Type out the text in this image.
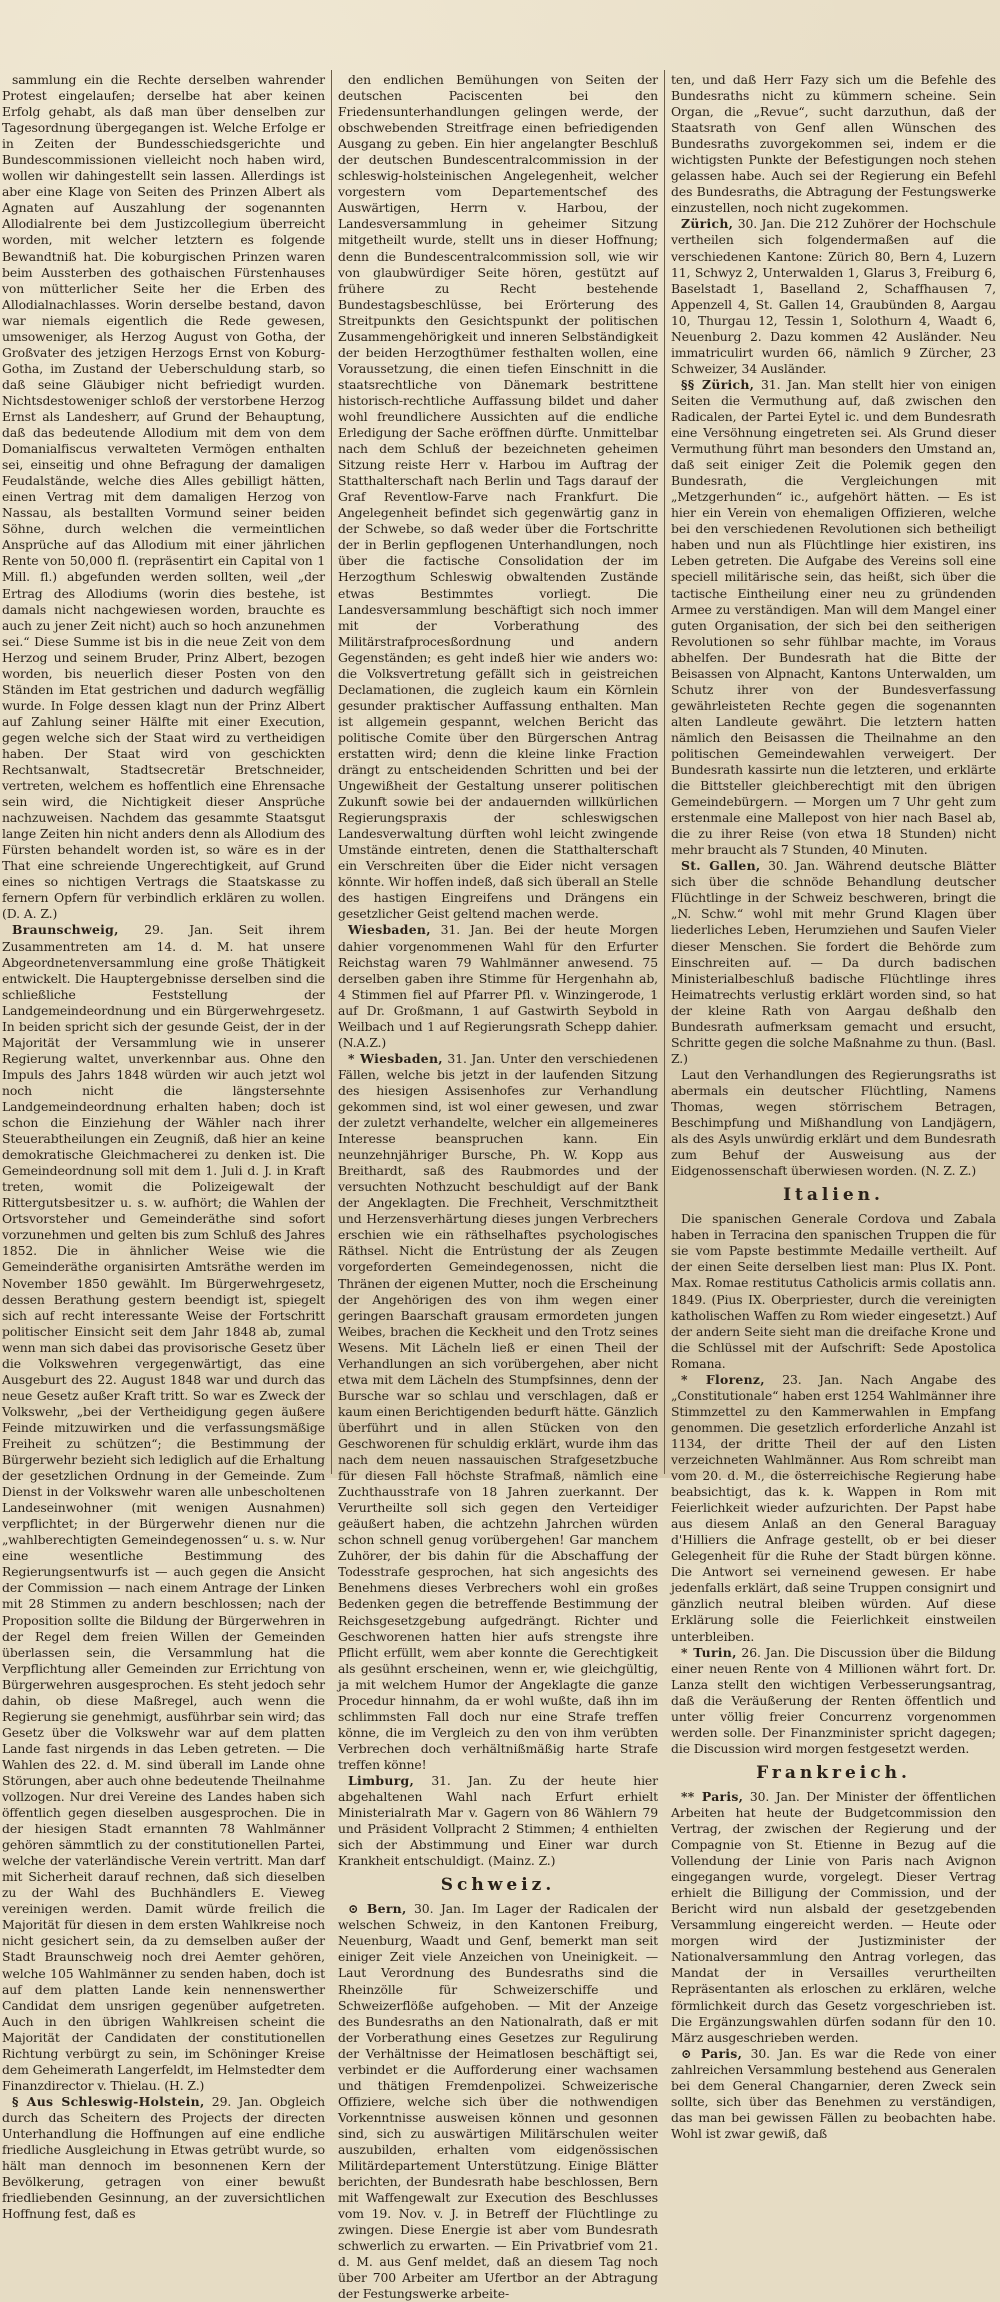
sammlung ein die Rechte derselben wahrender Protest eingelaufen; derselbe hat aber keinen Erfolg gehabt, als daß man über denselben zur Tagesordnung übergegangen ist. Welche Erfolge er in Zeiten der Bundesschiedsgerichte und Bundescommissionen vielleicht noch haben wird, wollen wir dahingestellt sein lassen. Allerdings ist aber eine Klage von Seiten des Prinzen Albert als Agnaten auf Auszahlung der sogenannten Allodialrente bei dem Justizcollegium überreicht worden, mit welcher letztern es folgende Bewandtniß hat. Die koburgischen Prinzen waren beim Aussterben des gothaischen Fürstenhauses von mütterlicher Seite her die Erben des Allodialnachlasses. Worin derselbe bestand, davon war niemals eigentlich die Rede gewesen, umsoweniger, als Herzog August von Gotha, der Großvater des jetzigen Herzogs Ernst von Koburg-Gotha, im Zustand der Ueberschuldung starb, so daß seine Gläubiger nicht befriedigt wurden. Nichtsdestoweniger schloß der verstorbene Herzog Ernst als Landesherr, auf Grund der Behauptung, daß das bedeutende Allodium mit dem von dem Domanialfiscus verwalteten Vermögen enthalten sei, einseitig und ohne Befragung der damaligen Feudalstände, welche dies Alles gebilligt hätten, einen Vertrag mit dem damaligen Herzog von Nassau, als bestallten Vormund seiner beiden Söhne, durch welchen die vermeintlichen Ansprüche auf das Allodium mit einer jährlichen Rente von 50,000 fl. (repräsentirt ein Capital von 1 Mill. fl.) abgefunden werden sollten, weil „der Ertrag des Allodiums (worin dies bestehe, ist damals nicht nachgewiesen worden, brauchte es auch zu jener Zeit nicht) auch so hoch anzunehmen sei.“ Diese Summe ist bis in die neue Zeit von dem Herzog und seinem Bruder, Prinz Albert, bezogen worden, bis neuerlich dieser Posten von den Ständen im Etat gestrichen und dadurch wegfällig wurde. In Folge dessen klagt nun der Prinz Albert auf Zahlung seiner Hälfte mit einer Execution, gegen welche sich der Staat wird zu vertheidigen haben. Der Staat wird von geschickten Rechtsanwalt, Stadtsecretär Bretschneider, vertreten, welchem es hoffentlich eine Ehrensache sein wird, die Nichtigkeit dieser Ansprüche nachzuweisen. Nachdem das gesammte Staatsgut lange Zeiten hin nicht anders denn als Allodium des Fürsten behandelt worden ist, so wäre es in der That eine schreiende Ungerechtigkeit, auf Grund eines so nichtigen Vertrags die Staatskasse zu fernern Opfern für verbindlich erklären zu wollen. (D. A. Z.)

Braunschweig, 29. Jan. Seit ihrem Zusammentreten am 14. d. M. hat unsere Abgeordnetenversammlung eine große Thätigkeit entwickelt. Die Hauptergebnisse derselben sind die schließliche Feststellung der Landgemeindeordnung und ein Bürgerwehrgesetz. In beiden spricht sich der gesunde Geist, der in der Majorität der Versammlung wie in unserer Regierung waltet, unverkennbar aus. Ohne den Impuls des Jahrs 1848 würden wir auch jetzt wol noch nicht die längstersehnte Landgemeindeordnung erhalten haben; doch ist schon die Einziehung der Wähler nach ihrer Steuerabtheilungen ein Zeugniß, daß hier an keine demokratische Gleichmacherei zu denken ist. Die Gemeindeordnung soll mit dem 1. Juli d. J. in Kraft treten, womit die Polizeigewalt der Rittergutsbesitzer u. s. w. aufhört; die Wahlen der Ortsvorsteher und Gemeinderäthe sind sofort vorzunehmen und gelten bis zum Schluß des Jahres 1852. Die in ähnlicher Weise wie die Gemeinderäthe organisirten Amtsräthe werden im November 1850 gewählt. Im Bürgerwehrgesetz, dessen Berathung gestern beendigt ist, spiegelt sich auf recht interessante Weise der Fortschritt politischer Einsicht seit dem Jahr 1848 ab, zumal wenn man sich dabei das provisorische Gesetz über die Volkswehren vergegenwärtigt, das eine Ausgeburt des 22. August 1848 war und durch das neue Gesetz außer Kraft tritt. So war es Zweck der Volkswehr, „bei der Vertheidigung gegen äußere Feinde mitzuwirken und die verfassungsmäßige Freiheit zu schützen“; die Bestimmung der Bürgerwehr bezieht sich lediglich auf die Erhaltung der gesetzlichen Ordnung in der Gemeinde. Zum Dienst in der Volkswehr waren alle unbescholtenen Landeseinwohner (mit wenigen Ausnahmen) verpflichtet; in der Bürgerwehr dienen nur die „wahlberechtigten Gemeindegenossen“ u. s. w. Nur eine wesentliche Bestimmung des Regierungsentwurfs ist — auch gegen die Ansicht der Commission — nach einem Antrage der Linken mit 28 Stimmen zu andern beschlossen; nach der Proposition sollte die Bildung der Bürgerwehren in der Regel dem freien Willen der Gemeinden überlassen sein, die Versammlung hat die Verpflichtung aller Gemeinden zur Errichtung von Bürgerwehren ausgesprochen. Es steht jedoch sehr dahin, ob diese Maßregel, auch wenn die Regierung sie genehmigt, ausführbar sein wird; das Gesetz über die Volkswehr war auf dem platten Lande fast nirgends in das Leben getreten. — Die Wahlen des 22. d. M. sind überall im Lande ohne Störungen, aber auch ohne bedeutende Theilnahme vollzogen. Nur drei Vereine des Landes haben sich öffentlich gegen dieselben ausgesprochen. Die in der hiesigen Stadt ernannten 78 Wahlmänner gehören sämmtlich zu der constitutionellen Partei, welche der vaterländische Verein vertritt. Man darf mit Sicherheit darauf rechnen, daß sich dieselben zu der Wahl des Buchhändlers E. Vieweg vereinigen werden. Damit würde freilich die Majorität für diesen in dem ersten Wahlkreise noch nicht gesichert sein, da zu demselben außer der Stadt Braunschweig noch drei Aemter gehören, welche 105 Wahlmänner zu senden haben, doch ist auf dem platten Lande kein nennenswerther Candidat dem unsrigen gegenüber aufgetreten. Auch in den übrigen Wahlkreisen scheint die Majorität der Candidaten der constitutionellen Richtung verbürgt zu sein, im Schöninger Kreise dem Geheimerath Langerfeldt, im Helmstedter dem Finanzdirector v. Thielau. (H. Z.)

§ Aus Schleswig-Holstein, 29. Jan. Obgleich durch das Scheitern des Projects der directen Unterhandlung die Hoffnungen auf eine endliche friedliche Ausgleichung in Etwas getrübt wurde, so hält man dennoch im besonnenen Kern der Bevölkerung, getragen von einer bewußt friedliebenden Gesinnung, an der zuversichtlichen Hoffnung fest, daß es

den endlichen Bemühungen von Seiten der deutschen Paciscenten bei den Friedensunterhandlungen gelingen werde, der obschwebenden Streitfrage einen befriedigenden Ausgang zu geben. Ein hier angelangter Beschluß der deutschen Bundescentralcommission in der schleswig-holsteinischen Angelegenheit, welcher vorgestern vom Departementschef des Auswärtigen, Herrn v. Harbou, der Landesversammlung in geheimer Sitzung mitgetheilt wurde, stellt uns in dieser Hoffnung; denn die Bundescentralcommission soll, wie wir von glaubwürdiger Seite hören, gestützt auf frühere zu Recht bestehende Bundestagsbeschlüsse, bei Erörterung des Streitpunkts den Gesichtspunkt der politischen Zusammengehörigkeit und inneren Selbständigkeit der beiden Herzogthümer festhalten wollen, eine Voraussetzung, die einen tiefen Einschnitt in die staatsrechtliche von Dänemark bestrittene historisch-rechtliche Auffassung bildet und daher wohl freundlichere Aussichten auf die endliche Erledigung der Sache eröffnen dürfte. Unmittelbar nach dem Schluß der bezeichneten geheimen Sitzung reiste Herr v. Harbou im Auftrag der Statthalterschaft nach Berlin und Tags darauf der Graf Reventlow-Farve nach Frankfurt. Die Angelegenheit befindet sich gegenwärtig ganz in der Schwebe, so daß weder über die Fortschritte der in Berlin gepflogenen Unterhandlungen, noch über die factische Consolidation der im Herzogthum Schleswig obwaltenden Zustände etwas Bestimmtes vorliegt. Die Landesversammlung beschäftigt sich noch immer mit der Vorberathung des Militärstrafprocesßordnung und andern Gegenständen; es geht indeß hier wie anders wo: die Volksvertretung gefällt sich in geistreichen Declamationen, die zugleich kaum ein Körnlein gesunder praktischer Auffassung enthalten. Man ist allgemein gespannt, welchen Bericht das politische Comite über den Bürgerschen Antrag erstatten wird; denn die kleine linke Fraction drängt zu entscheidenden Schritten und bei der Ungewißheit der Gestaltung unserer politischen Zukunft sowie bei der andauernden willkürlichen Regierungspraxis der schleswigschen Landesverwaltung dürften wohl leicht zwingende Umstände eintreten, denen die Statthalterschaft ein Verschreiten über die Eider nicht versagen könnte. Wir hoffen indeß, daß sich überall an Stelle des hastigen Eingreifens und Drängens ein gesetzlicher Geist geltend machen werde.

Wiesbaden, 31. Jan. Bei der heute Morgen dahier vorgenommenen Wahl für den Erfurter Reichstag waren 79 Wahlmänner anwesend. 75 derselben gaben ihre Stimme für Hergenhahn ab, 4 Stimmen fiel auf Pfarrer Pfl. v. Winzingerode, 1 auf Dr. Großmann, 1 auf Gastwirth Seybold in Weilbach und 1 auf Regierungsrath Schepp dahier. (N.A.Z.)

* Wiesbaden, 31. Jan. Unter den verschiedenen Fällen, welche bis jetzt in der laufenden Sitzung des hiesigen Assisenhofes zur Verhandlung gekommen sind, ist wol einer gewesen, und zwar der zuletzt verhandelte, welcher ein allgemeineres Interesse beanspruchen kann. Ein neunzehnjähriger Bursche, Ph. W. Kopp aus Breithardt, saß des Raubmordes und der versuchten Nothzucht beschuldigt auf der Bank der Angeklagten. Die Frechheit, Verschmitztheit und Herzensverhärtung dieses jungen Verbrechers erschien wie ein räthselhaftes psychologisches Räthsel. Nicht die Entrüstung der als Zeugen vorgeforderten Gemeindegenossen, nicht die Thränen der eigenen Mutter, noch die Erscheinung der Angehörigen des von ihm wegen einer geringen Baarschaft grausam ermordeten jungen Weibes, brachen die Keckheit und den Trotz seines Wesens. Mit Lächeln ließ er einen Theil der Verhandlungen an sich vorübergehen, aber nicht etwa mit dem Lächeln des Stumpfsinnes, denn der Bursche war so schlau und verschlagen, daß er kaum einen Berichtigenden bedurft hätte. Gänzlich überführt und in allen Stücken von den Geschworenen für schuldig erklärt, wurde ihm das nach dem neuen nassauischen Strafgesetzbuche für diesen Fall höchste Strafmaß, nämlich eine Zuchthausstrafe von 18 Jahren zuerkannt. Der Verurtheilte soll sich gegen den Verteidiger geäußert haben, die achtzehn Jahrchen würden schon schnell genug vorübergehen! Gar manchem Zuhörer, der bis dahin für die Abschaffung der Todesstrafe gesprochen, hat sich angesichts des Benehmens dieses Verbrechers wohl ein großes Bedenken gegen die betreffende Bestimmung der Reichsgesetzgebung aufgedrängt. Richter und Geschworenen hatten hier aufs strengste ihre Pflicht erfüllt, wem aber konnte die Gerechtigkeit als gesühnt erscheinen, wenn er, wie gleichgültig, ja mit welchem Humor der Angeklagte die ganze Procedur hinnahm, da er wohl wußte, daß ihn im schlimmsten Fall doch nur eine Strafe treffen könne, die im Vergleich zu den von ihm verübten Verbrechen doch verhältnißmäßig harte Strafe treffen könne!

Limburg, 31. Jan. Zu der heute hier abgehaltenen Wahl nach Erfurt erhielt Ministerialrath Mar v. Gagern von 86 Wählern 79 und Präsident Vollpracht 2 Stimmen; 4 enthielten sich der Abstimmung und Einer war durch Krankheit entschuldigt. (Mainz. Z.)

Schweiz.

⊙ Bern, 30. Jan. Im Lager der Radicalen der welschen Schweiz, in den Kantonen Freiburg, Neuenburg, Waadt und Genf, bemerkt man seit einiger Zeit viele Anzeichen von Uneinigkeit. — Laut Verordnung des Bundesraths sind die Rheinzölle für Schweizerschiffe und Schweizerflöße aufgehoben. — Mit der Anzeige des Bundesraths an den Nationalrath, daß er mit der Vorberathung eines Gesetzes zur Regulirung der Verhältnisse der Heimatlosen beschäftigt sei, verbindet er die Aufforderung einer wachsamen und thätigen Fremdenpolizei. Schweizerische Offiziere, welche sich über die nothwendigen Vorkenntnisse ausweisen können und gesonnen sind, sich zu auswärtigen Militärschulen weiter auszubilden, erhalten vom eidgenössischen Militärdepartement Unterstützung. Einige Blätter berichten, der Bundesrath habe beschlossen, Bern mit Waffengewalt zur Execution des Beschlusses vom 19. Nov. v. J. in Betreff der Flüchtlinge zu zwingen. Diese Energie ist aber vom Bundesrath schwerlich zu erwarten. — Ein Privatbrief vom 21. d. M. aus Genf meldet, daß an diesem Tag noch über 700 Arbeiter am Ufertbor an der Abtragung der Festungswerke arbeite-

ten, und daß Herr Fazy sich um die Befehle des Bundesraths nicht zu kümmern scheine. Sein Organ, die „Revue“, sucht darzuthun, daß der Staatsrath von Genf allen Wünschen des Bundesraths zuvorgekommen sei, indem er die wichtigsten Punkte der Befestigungen noch stehen gelassen habe. Auch sei der Regierung ein Befehl des Bundesraths, die Abtragung der Festungswerke einzustellen, noch nicht zugekommen.

Zürich, 30. Jan. Die 212 Zuhörer der Hochschule vertheilen sich folgendermaßen auf die verschiedenen Kantone: Zürich 80, Bern 4, Luzern 11, Schwyz 2, Unterwalden 1, Glarus 3, Freiburg 6, Baselstadt 1, Baselland 2, Schaffhausen 7, Appenzell 4, St. Gallen 14, Graubünden 8, Aargau 10, Thurgau 12, Tessin 1, Solothurn 4, Waadt 6, Neuenburg 2. Dazu kommen 42 Ausländer. Neu immatriculirt wurden 66, nämlich 9 Zürcher, 23 Schweizer, 34 Ausländer.

§§ Zürich, 31. Jan. Man stellt hier von einigen Seiten die Vermuthung auf, daß zwischen den Radicalen, der Partei Eytel ic. und dem Bundesrath eine Versöhnung eingetreten sei. Als Grund dieser Vermuthung führt man besonders den Umstand an, daß seit einiger Zeit die Polemik gegen den Bundesrath, die Vergleichungen mit „Metzgerhunden“ ic., aufgehört hätten. — Es ist hier ein Verein von ehemaligen Offizieren, welche bei den verschiedenen Revolutionen sich betheiligt haben und nun als Flüchtlinge hier existiren, ins Leben getreten. Die Aufgabe des Vereins soll eine speciell militärische sein, das heißt, sich über die tactische Eintheilung einer neu zu gründenden Armee zu verständigen. Man will dem Mangel einer guten Organisation, der sich bei den seitherigen Revolutionen so sehr fühlbar machte, im Voraus abhelfen. Der Bundesrath hat die Bitte der Beisassen von Alpnacht, Kantons Unterwalden, um Schutz ihrer von der Bundesverfassung gewährleisteten Rechte gegen die sogenannten alten Landleute gewährt. Die letztern hatten nämlich den Beisassen die Theilnahme an den politischen Gemeindewahlen verweigert. Der Bundesrath kassirte nun die letzteren, und erklärte die Bittsteller gleichberechtigt mit den übrigen Gemeindebürgern. — Morgen um 7 Uhr geht zum erstenmale eine Mallepost von hier nach Basel ab, die zu ihrer Reise (von etwa 18 Stunden) nicht mehr braucht als 7 Stunden, 40 Minuten.

St. Gallen, 30. Jan. Während deutsche Blätter sich über die schnöde Behandlung deutscher Flüchtlinge in der Schweiz beschweren, bringt die „N. Schw.“ wohl mit mehr Grund Klagen über liederliches Leben, Herumziehen und Saufen Vieler dieser Menschen. Sie fordert die Behörde zum Einschreiten auf. — Da durch badischen Ministerialbeschluß badische Flüchtlinge ihres Heimatrechts verlustig erklärt worden sind, so hat der kleine Rath von Aargau deßhalb den Bundesrath aufmerksam gemacht und ersucht, Schritte gegen die solche Maßnahme zu thun. (Basl. Z.)

Laut den Verhandlungen des Regierungsraths ist abermals ein deutscher Flüchtling, Namens Thomas, wegen störrischem Betragen, Beschimpfung und Mißhandlung von Landjägern, als des Asyls unwürdig erklärt und dem Bundesrath zum Behuf der Ausweisung aus der Eidgenossenschaft überwiesen worden. (N. Z. Z.)

Italien.

Die spanischen Generale Cordova und Zabala haben in Terracina den spanischen Truppen die für sie vom Papste bestimmte Medaille vertheilt. Auf der einen Seite derselben liest man: Plus IX. Pont. Max. Romae restitutus Catholicis armis collatis ann. 1849. (Pius IX. Oberpriester, durch die vereinigten katholischen Waffen zu Rom wieder eingesetzt.) Auf der andern Seite sieht man die dreifache Krone und die Schlüssel mit der Aufschrift: Sede Apostolica Romana.

* Florenz, 23. Jan. Nach Angabe des „Constitutionale“ haben erst 1254 Wahlmänner ihre Stimmzettel zu den Kammerwahlen in Empfang genommen. Die gesetzlich erforderliche Anzahl ist 1134, der dritte Theil der auf den Listen verzeichneten Wahlmänner. Aus Rom schreibt man vom 20. d. M., die österreichische Regierung habe beabsichtigt, das k. k. Wappen in Rom mit Feierlichkeit wieder aufzurichten. Der Papst habe aus diesem Anlaß an den General Baraguay d'Hilliers die Anfrage gestellt, ob er bei dieser Gelegenheit für die Ruhe der Stadt bürgen könne. Die Antwort sei verneinend gewesen. Er habe jedenfalls erklärt, daß seine Truppen consignirt und gänzlich neutral bleiben würden. Auf diese Erklärung solle die Feierlichkeit einstweilen unterbleiben.

* Turin, 26. Jan. Die Discussion über die Bildung einer neuen Rente von 4 Millionen währt fort. Dr. Lanza stellt den wichtigen Verbesserungsantrag, daß die Veräußerung der Renten öffentlich und unter völlig freier Concurrenz vorgenommen werden solle. Der Finanzminister spricht dagegen; die Discussion wird morgen festgesetzt werden.

Frankreich.

** Paris, 30. Jan. Der Minister der öffentlichen Arbeiten hat heute der Budgetcommission den Vertrag, der zwischen der Regierung und der Compagnie von St. Etienne in Bezug auf die Vollendung der Linie von Paris nach Avignon eingegangen wurde, vorgelegt. Dieser Vertrag erhielt die Billigung der Commission, und der Bericht wird nun alsbald der gesetzgebenden Versammlung eingereicht werden. — Heute oder morgen wird der Justizminister der Nationalversammlung den Antrag vorlegen, das Mandat der in Versailles verurtheilten Repräsentanten als erloschen zu erklären, welche förmlichkeit durch das Gesetz vorgeschrieben ist. Die Ergänzungswahlen dürfen sodann für den 10. März ausgeschrieben werden.

⊙ Paris, 30. Jan. Es war die Rede von einer zahlreichen Versammlung bestehend aus Generalen bei dem General Changarnier, deren Zweck sein sollte, sich über das Benehmen zu verständigen, das man bei gewissen Fällen zu beobachten habe. Wohl ist zwar gewiß, daß
